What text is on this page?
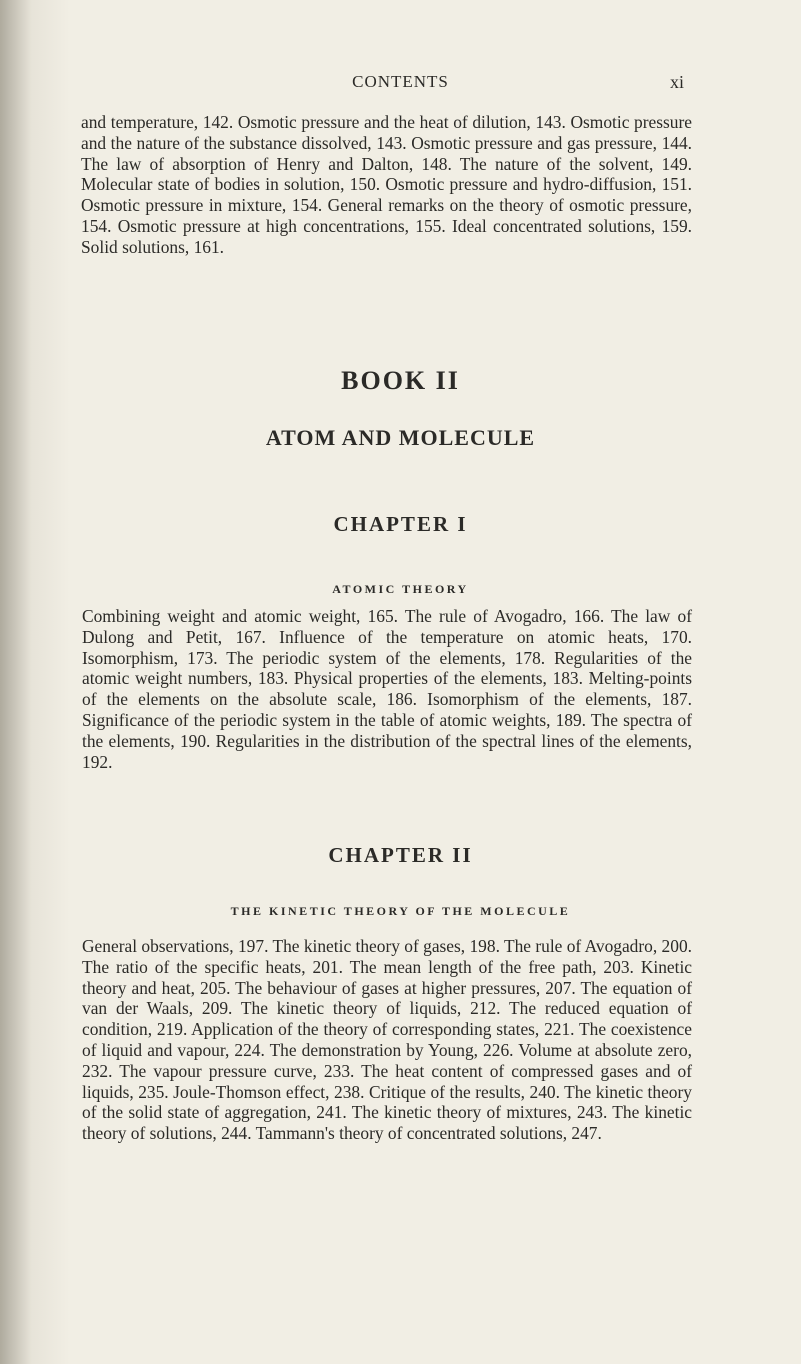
CONTENTS	xi

and temperature, 142. Osmotic pressure and the heat of dilution, 143. Osmotic pressure and the nature of the substance dissolved, 143. Osmotic pressure and gas pressure, 144. The law of absorption of Henry and Dalton, 148. The nature of the solvent, 149. Molecular state of bodies in solution, 150. Osmotic pressure and hydro-diffusion, 151. Osmotic pressure in mixture, 154. General remarks on the theory of osmotic pressure, 154. Osmotic pressure at high concentrations, 155. Ideal concentrated solutions, 159. Solid solutions, 161.

BOOK II
ATOM AND MOLECULE
CHAPTER I
ATOMIC THEORY

Combining weight and atomic weight, 165. The rule of Avogadro, 166. The law of Dulong and Petit, 167. Influence of the temperature on atomic heats, 170. Isomorphism, 173. The periodic system of the elements, 178. Regularities of the atomic weight numbers, 183. Physical properties of the elements, 183. Melting-points of the elements on the absolute scale, 186. Isomorphism of the elements, 187. Significance of the periodic system in the table of atomic weights, 189. The spectra of the elements, 190. Regularities in the distribution of the spectral lines of the elements, 192.

CHAPTER II
THE KINETIC THEORY OF THE MOLECULE

General observations, 197. The kinetic theory of gases, 198. The rule of Avogadro, 200. The ratio of the specific heats, 201. The mean length of the free path, 203. Kinetic theory and heat, 205. The behaviour of gases at higher pressures, 207. The equation of van der Waals, 209. The kinetic theory of liquids, 212. The reduced equation of condition, 219. Application of the theory of corresponding states, 221. The coexistence of liquid and vapour, 224. The demonstration by Young, 226. Volume at absolute zero, 232. The vapour pressure curve, 233. The heat content of compressed gases and of liquids, 235. Joule-Thomson effect, 238. Critique of the results, 240. The kinetic theory of the solid state of aggregation, 241. The kinetic theory of mixtures, 243. The kinetic theory of solutions, 244. Tammann's theory of concentrated solutions, 247.
